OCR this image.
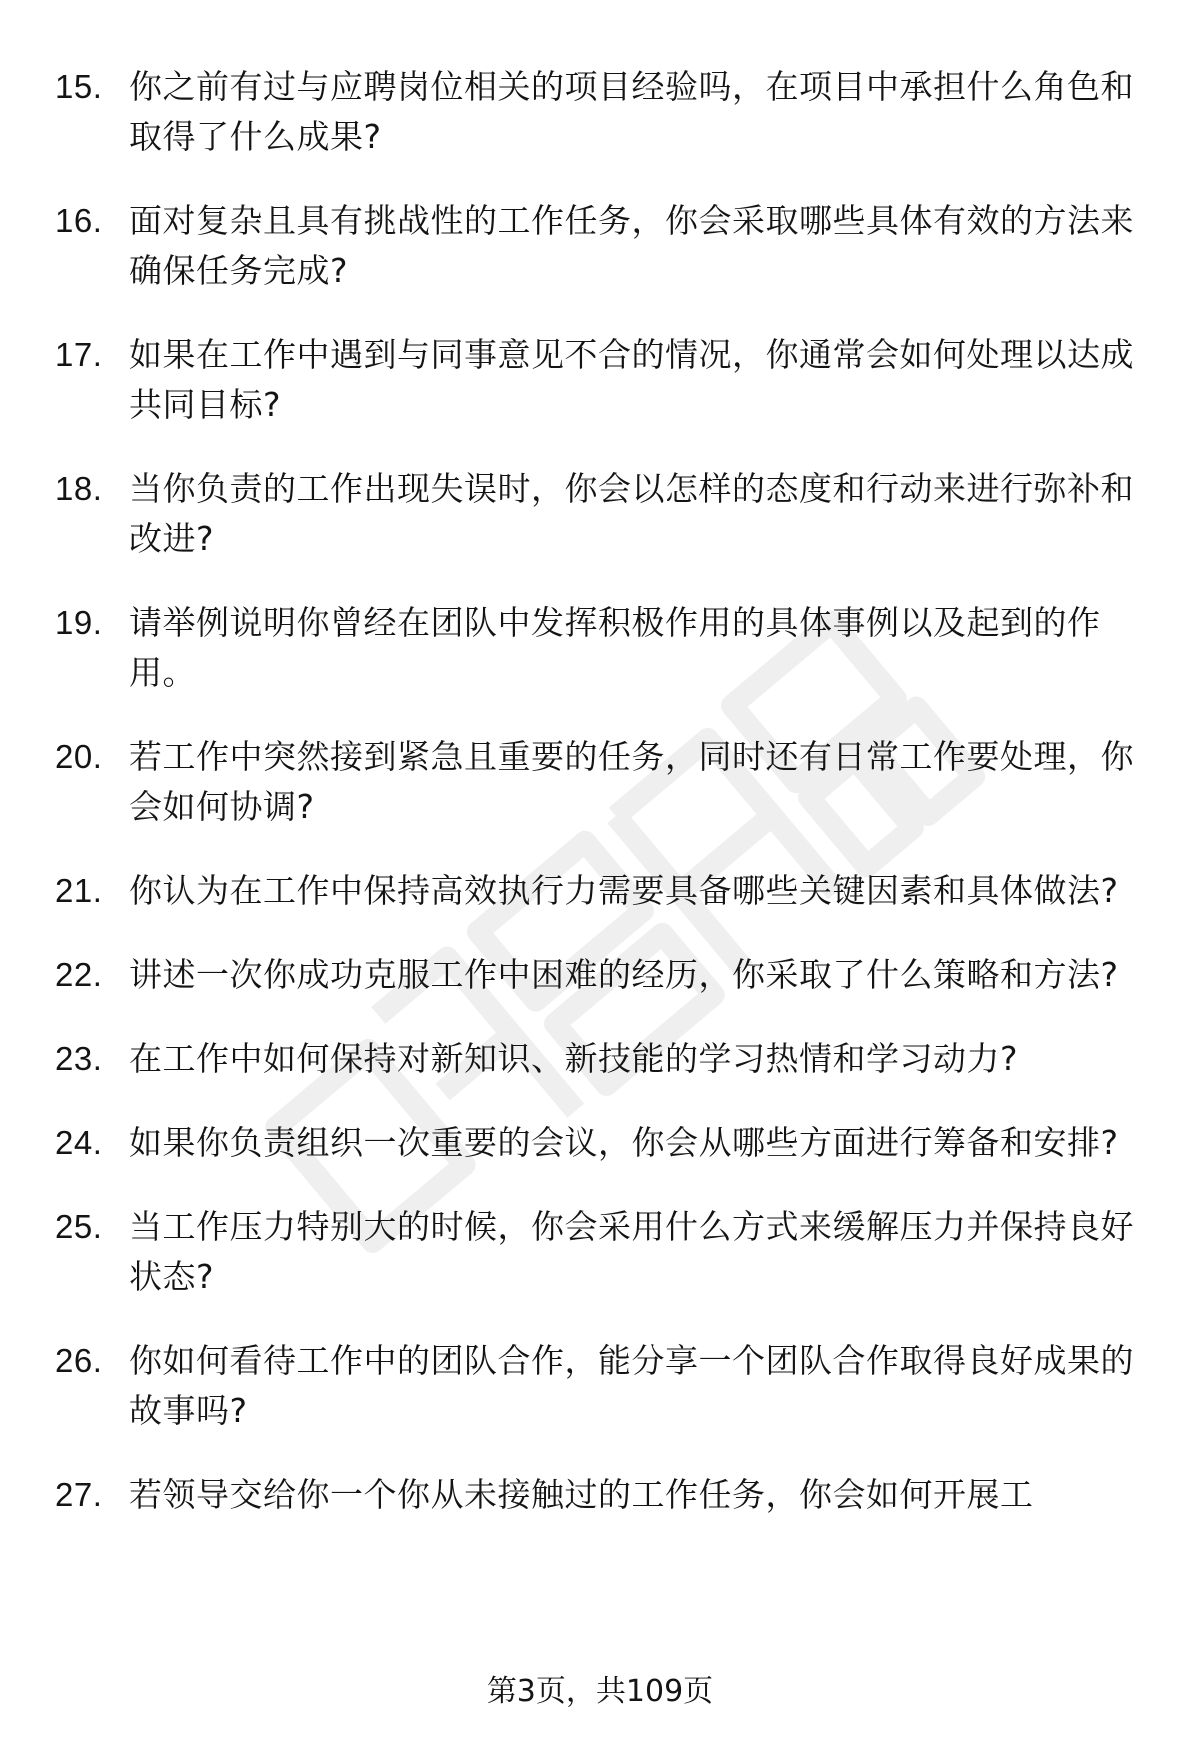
15. 你之前有过与应聘岗位相关的项目经验吗，在项目中承担什么角色和取得了什么成果?
16. 面对复杂且具有挑战性的工作任务，你会采取哪些具体有效的方法来确保任务完成?
17. 如果在工作中遇到与同事意见不合的情况，你通常会如何处理以达成共同目标?
18. 当你负责的工作出现失误时，你会以怎样的态度和行动来进行弥补和改进?
19. 请举例说明你曾经在团队中发挥积极作用的具体事例以及起到的作用。
20. 若工作中突然接到紧急且重要的任务，同时还有日常工作要处理，你会如何协调?
21. 你认为在工作中保持高效执行力需要具备哪些关键因素和具体做法?
22. 讲述一次你成功克服工作中困难的经历，你采取了什么策略和方法?
23. 在工作中如何保持对新知识、新技能的学习热情和学习动力?
24. 如果你负责组织一次重要的会议，你会从哪些方面进行筹备和安排?
25. 当工作压力特别大的时候，你会采用什么方式来缓解压力并保持良好状态?
26. 你如何看待工作中的团队合作，能分享一个团队合作取得良好成果的故事吗?
27. 若领导交给你一个你从未接触过的工作任务，你会如何开展工
第3页，共109页
